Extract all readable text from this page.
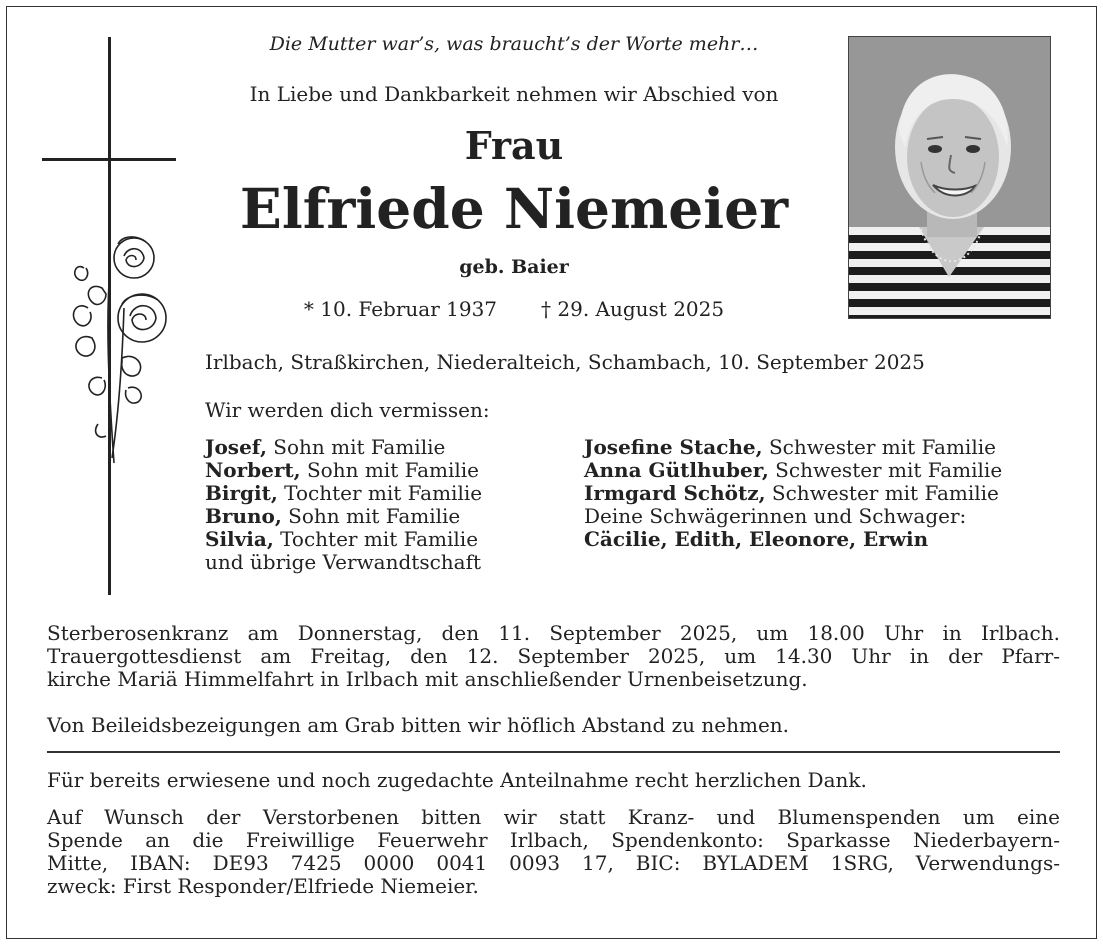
Die Mutter war’s, was braucht’s der Worte mehr…
In Liebe und Dankbarkeit nehmen wir Abschied von
Frau
Elfriede Niemeier
geb. Baier
* 10. Februar 1937 † 29. August 2025
Irlbach, Straßkirchen, Niederalteich, Schambach, 10. September 2025
Wir werden dich vermissen:
Josef, Sohn mit Familie
Norbert, Sohn mit Familie
Birgit, Tochter mit Familie
Bruno, Sohn mit Familie
Silvia, Tochter mit Familie
und übrige Verwandtschaft
Josefine Stache, Schwester mit Familie
Anna Gütlhuber, Schwester mit Familie
Irmgard Schötz, Schwester mit Familie
Deine Schwägerinnen und Schwager:
Cäcilie, Edith, Eleonore, Erwin

Sterberosenkranz am Donnerstag, den 11. September 2025, um 18.00 Uhr in Irlbach.

Trauergottesdienst am Freitag, den 12. September 2025, um 14.30 Uhr in der Pfarr-

kirche Mariä Himmelfahrt in Irlbach mit anschließender Urnenbeisetzung.

Von Beileidsbezeigungen am Grab bitten wir höflich Abstand zu nehmen.
Für bereits erwiesene und noch zugedachte Anteilnahme recht herzlichen Dank.

Auf Wunsch der Verstorbenen bitten wir statt Kranz- und Blumenspenden um eine

Spende an die Freiwillige Feuerwehr Irlbach, Spendenkonto: Sparkasse Niederbayern-

Mitte, IBAN: DE93 7425 0000 0041 0093 17, BIC: BYLADEM 1SRG, Verwendungs-

zweck: First Responder/Elfriede Niemeier.
